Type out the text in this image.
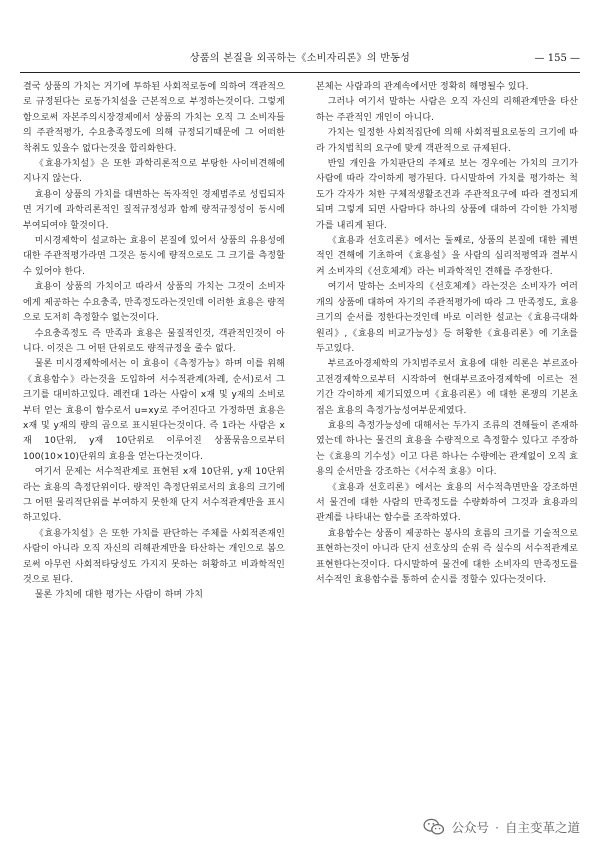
상품의 본질을 외곡하는《소비자리론》의 반동성	— 155 —

결국 상품의 가치는 거기에 투하된 사회적로동에 의하여 객관적으로 규정된다는 로동가치설을 근본적으로 부정하는것이다. 그렇게 함으로써 자본주의시장경제에서 상품의 가치는 오직 그 소비자들의 주관적평가, 수요충족정도에 의해 규정되기때문에 그 어떠한 착취도 있을수 없다는것을 합리화한다.

《효용가치설》은 또한 과학리론적으로 부탕한 사이비견해에 지나지 않는다.

효용이 상품의 가치를 대변하는 독자적인 경제범주로 성립되자면 거기에 과학리론적인 질적규정성과 함께 량적규정성이 동시에 부여되여야 할것이다.

미시경제학이 설교하는 효용이 본질에 있어서 상품의 유용성에 대한 주관적평가라면 그것은 동시에 량적으로도 그 크기를 측정할수 있어야 한다.

효용이 상품의 가치이고 따라서 상품의 가치는 그것이 소비자에게 제공하는 수요충족, 만족정도라는것인데 이러한 효용은 량적으로 도저히 측정할수 없는것이다.

수요충족정도 즉 만족과 효용은 물질적인것, 객관적인것이 아니다. 이것은 그 어떤 단위로도 량적규정을 줄수 없다.

물론 미시경제학에서는 이 효용이《측정가능》하며 이를 위해《효용함수》라는것을 도입하여 서수적관계(차례, 순서)로서 그 크기를 대비하고있다. 례컨대 1라는 사람이 x재 및 y재의 소비로부터 얻는 효용이 함수로서 u=xy로 주어진다고 가정하면 효용은 x재 및 y재의 량의 곱으로 표시된다는것이다. 즉 1라는 사람은 x재 10단위, y재 10단위로 이루어진 상품묶음으로부터 100(10×10)단위의 효용을 얻는다는것이다.

여기서 문제는 서수적관계로 표현된 x재 10단위, y재 10단위라는 효용의 측정단위이다. 량적인 측정단위로서의 효용의 크기에 그 어떤 물리적단위를 부여하지 못한채 단지 서수적관계만을 표시하고있다.

《효용가치설》은 또한 가치를 판단하는 주체를 사회적존재인 사람이 아니라 오직 자신의 리해관계만을 타산하는 개인으로 봄으로써 아무런 사회적타당성도 가지지 못하는 허황하고 비과학적인것으로 된다.

물론 가치에 대한 평가는 사람이 하며 가치

본체는 사람과의 관계속에서만 정확히 해명될수 있다.

그러나 여기서 말하는 사람은 오직 자신의 리해관계만을 타산하는 주관적인 개인이 아니다.

가치는 일정한 사회적집단에 의해 사회적필요로동의 크기에 따라 가치법칙의 요구에 맞게 객관적으로 규제된다.

반일 개인을 가치판단의 주체로 보는 경우에는 가치의 크기가 사람에 따라 각이하게 평가된다. 다시말하여 가치를 평가하는 척도가 각자가 처한 구체적생활조건과 주관적요구에 따라 결정되게 되며 그렇게 되면 사람마다 하나의 상품에 대하여 각이한 가치평가를 내리게 된다.

《효용과 선호리론》에서는 둘째로, 상품의 본질에 대한 궤변적인 견해에 기초하여《효용설》을 사람의 심리적평역과 결부시켜 소비자의《선호체계》라는 비과학적인 견해를 주장한다.

여기서 말하는 소비자의《선호체계》라는것은 소비자가 여러개의 상품에 대하여 자기의 주관적평가에 따라 그 만족정도, 효용크기의 순서를 정한다는것인데 바로 이러한 설교는《효용극대화원리》,《효용의 비교가능성》등 허황한《효용리론》에 기초를 두고있다.

부르죠아경제학의 가치범주로서 효용에 대한 리론은 부르죠아고전경제학으로부터 시작하여 현대부르죠아경제학에 이르는 전 기간 각이하게 제기되였으며《효용리론》에 대한 론쟁의 기본초점은 효용의 측정가능성여부문제였다.

효용의 측정가능성에 대해서는 두가지 조류의 견해들이 존재하였는데 하나는 물건의 효용을 수량적으로 측정할수 있다고 주장하는《효용의 기수성》이고 다른 하나는 수량에는 관계없이 오직 효용의 순서만을 강조하는《서수적 효용》이다.

《효용과 선호리론》에서는 효용의 서수적측면만을 강조하면서 물건에 대한 사람의 만족정도를 수량화하여 그것과 효용과의 관계를 나타내는 함수를 조작하였다.

효용함수는 상품이 제공하는 봉사의 흐름의 크기를 기술적으로 표현하는것이 아니라 단지 선호상의 순위 즉 실수의 서수적관계로 표현한다는것이다. 다시말하여 물건에 대한 소비자의 만족정도를 서수적인 효용함수를 통하여 순시를 정할수 있다는것이다.

公众号 · 自主变革之道
